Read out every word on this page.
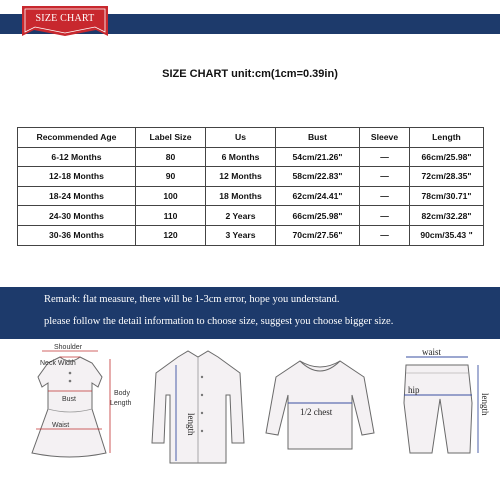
SIZE CHART
SIZE CHART unit:cm(1cm=0.39in)
Recommended Age	Label Size	Us	Bust	Sleeve	Length
6-12 Months	80	6 Months	54cm/21.26"	—	66cm/25.98"
12-18 Months	90	12 Months	58cm/22.83"	—	72cm/28.35"
18-24 Months	100	18 Months	62cm/24.41"	—	78cm/30.71"
24-30 Months	110	2 Years	66cm/25.98"	—	82cm/32.28"
30-36 Months	120	3 Years	70cm/27.56"	—	90cm/35.43 "
Remark: flat measure, there will be 1-3cm error, hope you understand.
please follow the detail information to choose size, suggest you choose bigger size.
Shoulder
Neck Width
Bust
Waist
Body
Length
length
1/2 chest
waist
hip
length
